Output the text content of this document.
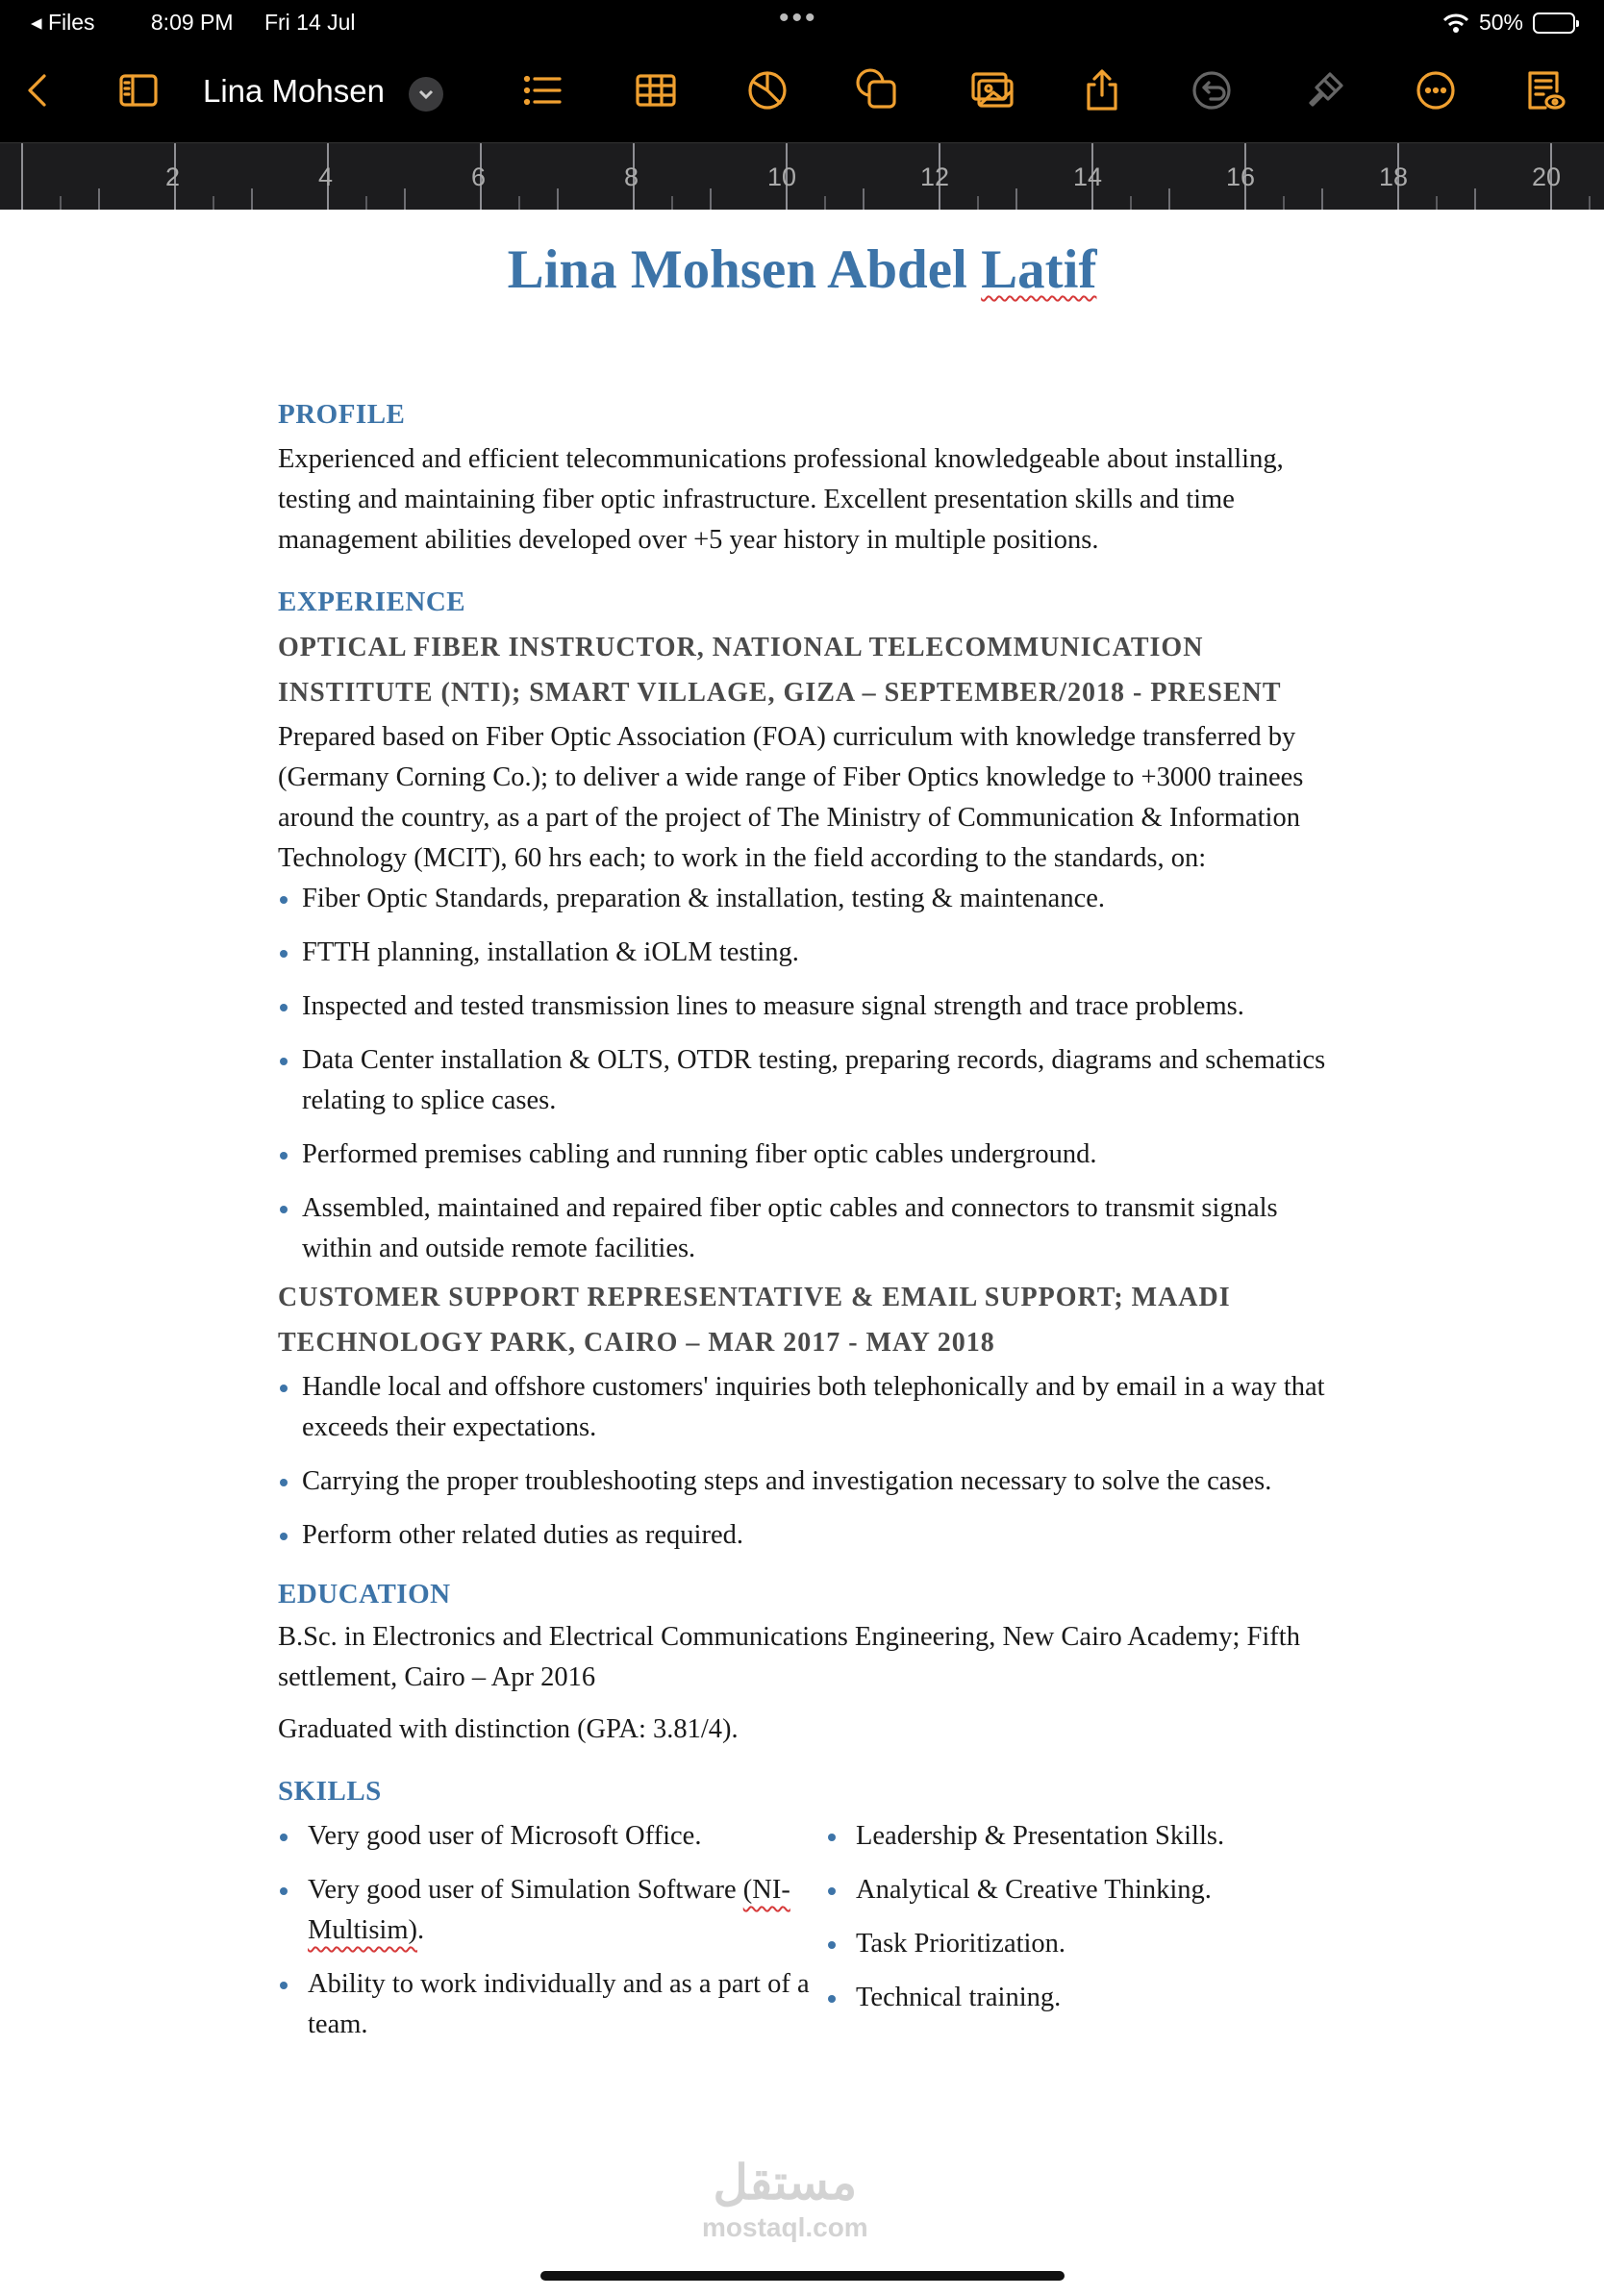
◂ Files	8:09 PM Fri 14 Jul	•••	50%
Lina Mohsen
2	4	6	8	10	12	14	16	18	20
Lina Mohsen Abdel Latif
PROFILE

Experienced and efficient telecommunications professional knowledgeable about installing, testing and maintaining fiber optic infrastructure. Excellent presentation skills and time management abilities developed over +5 year history in multiple positions.

EXPERIENCE
OPTICAL FIBER INSTRUCTOR, NATIONAL TELECOMMUNICATION INSTITUTE (NTI); SMART VILLAGE, GIZA – SEPTEMBER/2018 - PRESENT

Prepared based on Fiber Optic Association (FOA) curriculum with knowledge transferred by (Germany Corning Co.); to deliver a wide range of Fiber Optics knowledge to +3000 trainees around the country, as a part of the project of The Ministry of Communication & Information Technology (MCIT), 60 hrs each; to work in the field according to the standards, on:

Fiber Optic Standards, preparation & installation, testing & maintenance.
FTTH planning, installation & iOLM testing.
Inspected and tested transmission lines to measure signal strength and trace problems.
Data Center installation & OLTS, OTDR testing, preparing records, diagrams and schematics relating to splice cases.
Performed premises cabling and running fiber optic cables underground.
Assembled, maintained and repaired fiber optic cables and connectors to transmit signals within and outside remote facilities.
CUSTOMER SUPPORT REPRESENTATIVE & EMAIL SUPPORT; MAADI TECHNOLOGY PARK, CAIRO – MAR 2017 - MAY 2018
Handle local and offshore customers' inquiries both telephonically and by email in a way that exceeds their expectations.
Carrying the proper troubleshooting steps and investigation necessary to solve the cases.
Perform other related duties as required.
EDUCATION

B.Sc. in Electronics and Electrical Communications Engineering, New Cairo Academy; Fifth settlement, Cairo – Apr 2016

Graduated with distinction (GPA: 3.81/4).

SKILLS
Very good user of Microsoft Office.
Very good user of Simulation Software (NI-Multisim).
Ability to work individually and as a part of a team.
Leadership & Presentation Skills.
Analytical & Creative Thinking.
Task Prioritization.
Technical training.
مستقل
mostaql.com
